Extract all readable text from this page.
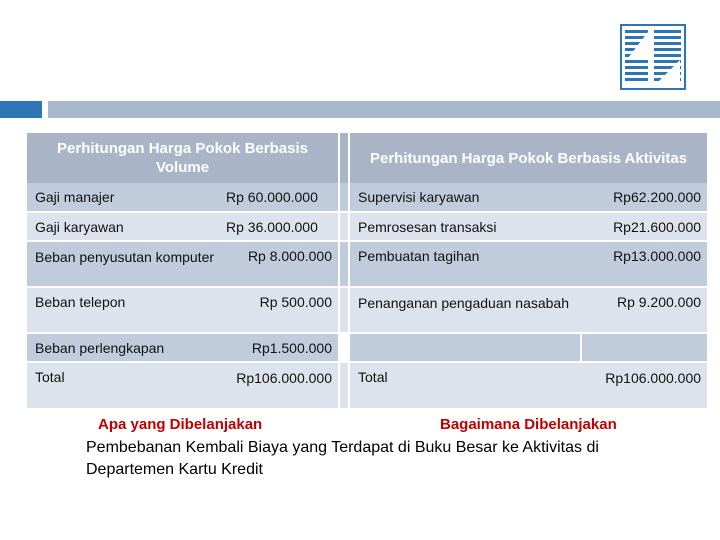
Perhitungan Harga Pokok Berbasis Volume			Perhitungan Harga Pokok Berbasis Aktivitas	
Gaji manajer	Rp 60.000.000		Supervisi karyawan	Rp62.200.000
Gaji karyawan	Rp 36.000.000		Pemrosesan transaksi	Rp21.600.000
Beban penyusutan komputer	Rp 8.000.000		Pembuatan tagihan	Rp13.000.000
Beban telepon	Rp 500.000		Penanganan pengaduan nasabah	Rp 9.200.000
Beban perlengkapan	Rp1.500.000			
Total	Rp106.000.000		Total	Rp106.000.000
Apa yang Dibelanjakan	Bagaimana Dibelanjakan
Pembebanan Kembali Biaya yang Terdapat di Buku Besar ke Aktivitas di Departemen Kartu Kredit
